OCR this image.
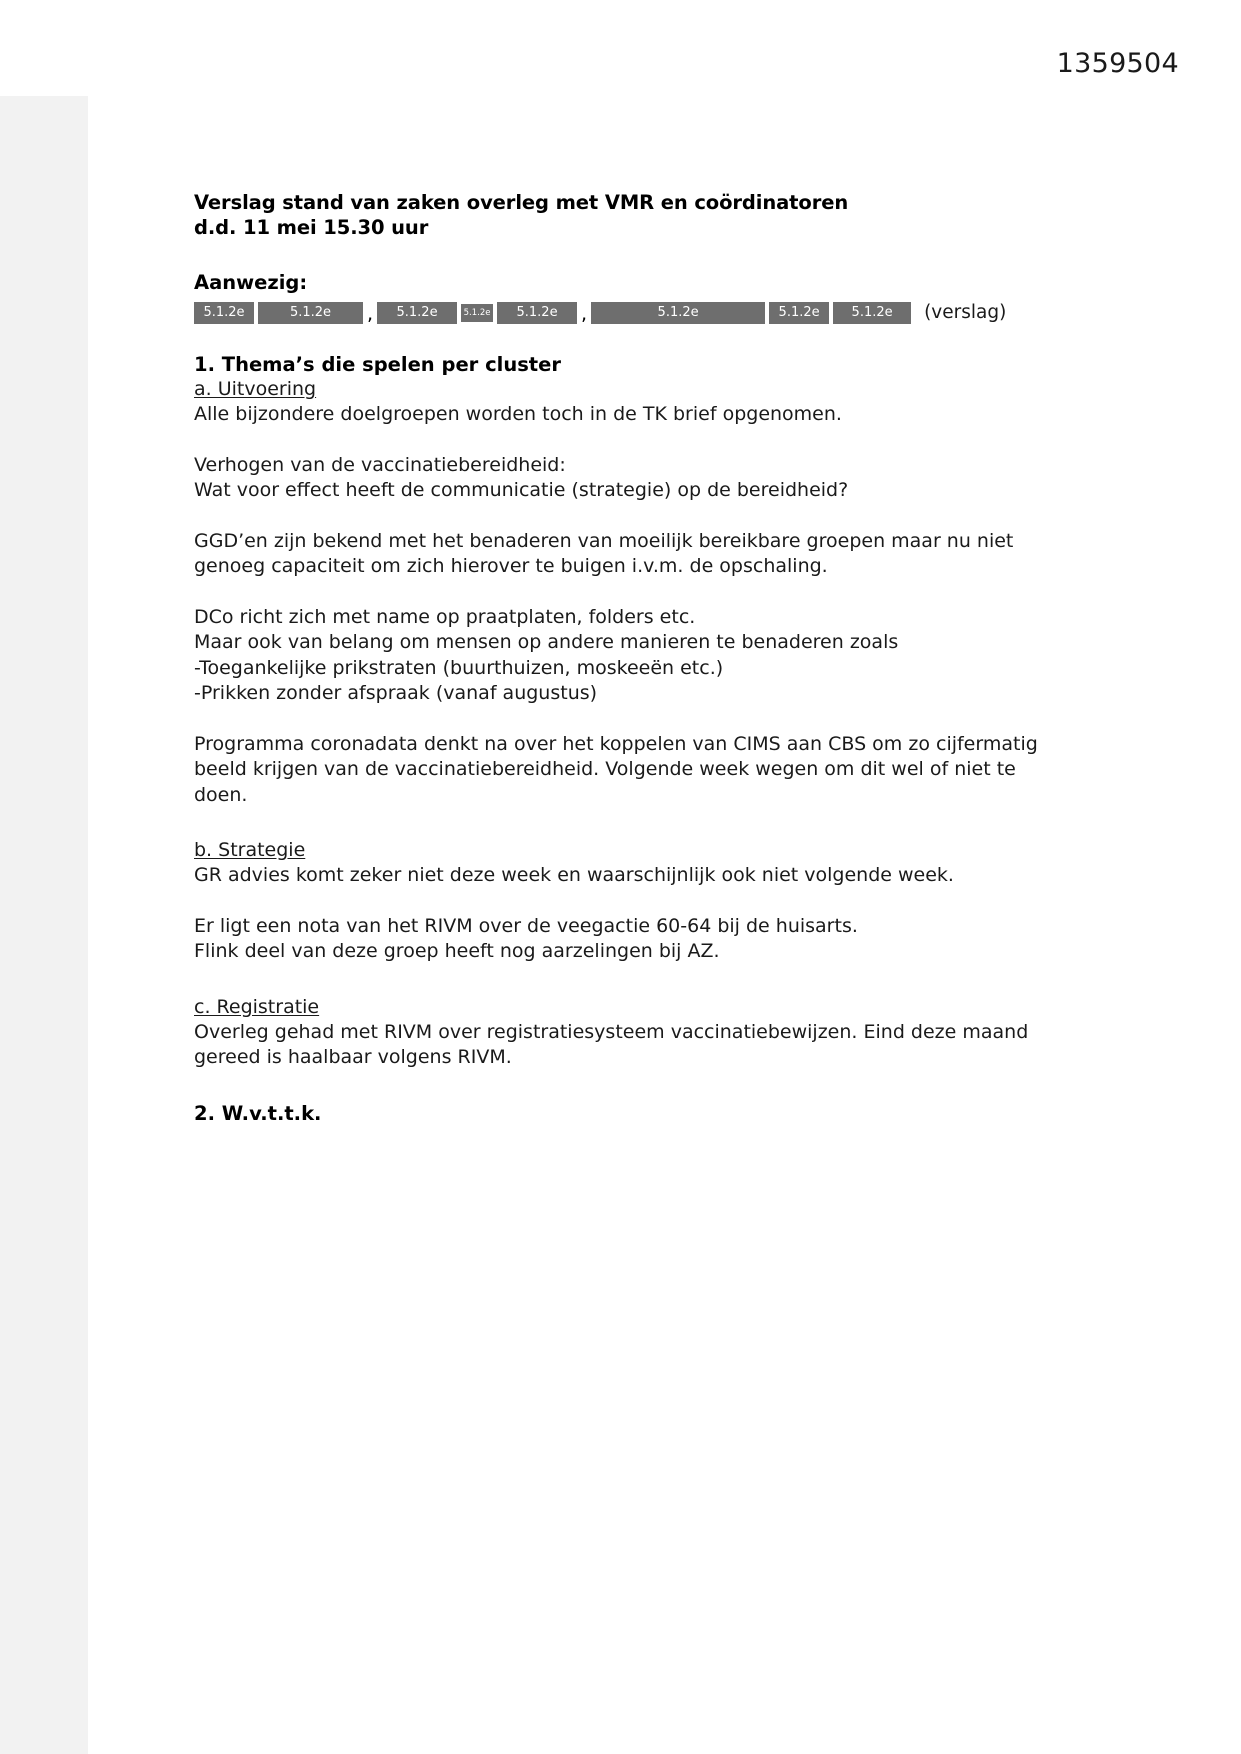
1359504
Verslag stand van zaken overleg met VMR en coördinatoren d.d. 11 mei 15.30 uur
Aanwezig:
5.1.2e	5.1.2e	,	5.1.2e	5.1.2e	5.1.2e	,	5.1.2e	5.1.2e	5.1.2e	(verslag)
1. Thema’s die spelen per cluster
a. Uitvoering
Alle bijzondere doelgroepen worden toch in de TK brief opgenomen.
Verhogen van de vaccinatiebereidheid:
Wat voor effect heeft de communicatie (strategie) op de bereidheid?
GGD’en zijn bekend met het benaderen van moeilijk bereikbare groepen maar nu niet genoeg capaciteit om zich hierover te buigen i.v.m. de opschaling.
DCo richt zich met name op praatplaten, folders etc.
Maar ook van belang om mensen op andere manieren te benaderen zoals
-Toegankelijke prikstraten (buurthuizen, moskeeën etc.)
-Prikken zonder afspraak (vanaf augustus)
Programma coronadata denkt na over het koppelen van CIMS aan CBS om zo cijfermatig beeld krijgen van de vaccinatiebereidheid. Volgende week wegen om dit wel of niet te doen.
b. Strategie
GR advies komt zeker niet deze week en waarschijnlijk ook niet volgende week.
Er ligt een nota van het RIVM over de veegactie 60-64 bij de huisarts.
Flink deel van deze groep heeft nog aarzelingen bij AZ.
c. Registratie
Overleg gehad met RIVM over registratiesysteem vaccinatiebewijzen. Eind deze maand gereed is haalbaar volgens RIVM.
2. W.v.t.t.k.
